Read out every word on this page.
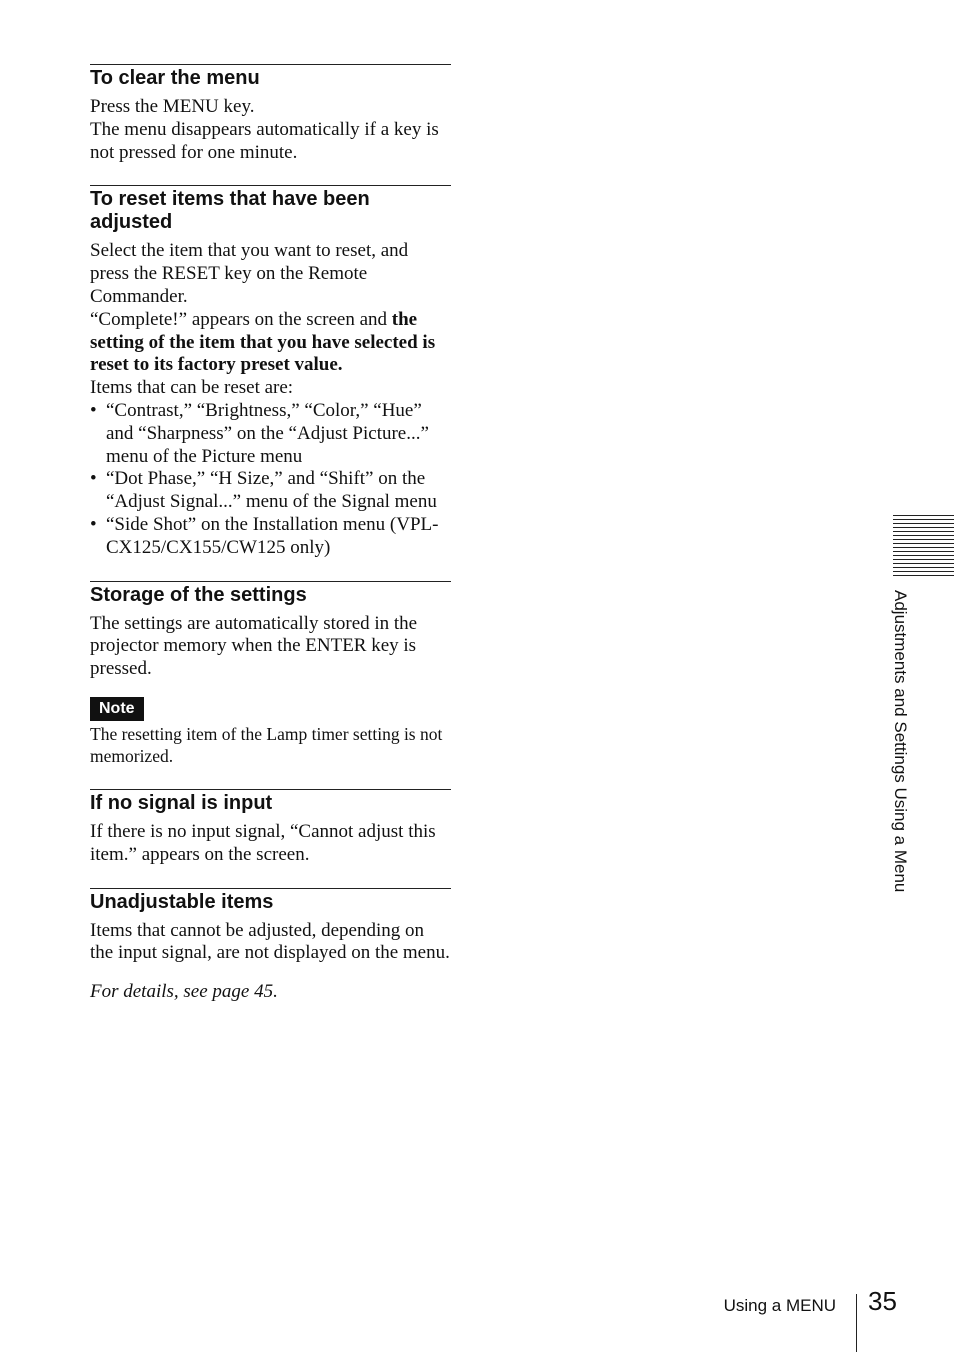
To clear the menu

Press the MENU key.

The menu disappears automatically if a key is not pressed for one minute.

To reset items that have been adjusted

Select the item that you want to reset, and press the RESET key on the Remote Commander.

“Complete!” appears on the screen and the setting of the item that you have selected is reset to its factory preset value.

Items that can be reset are:

• “Contrast,” “Brightness,” “Color,” “Hue” and “Sharpness” on the “Adjust Picture...” menu of the Picture menu
• “Dot Phase,” “H Size,” and “Shift” on the “Adjust Signal...” menu of the Signal menu
• “Side Shot” on the Installation menu (VPL-CX125/CX155/CW125 only)
Storage of the settings

The settings are automatically stored in the projector memory when the ENTER key is pressed.

Note

The resetting item of the Lamp timer setting is not memorized.

If no signal is input

If there is no input signal, “Cannot adjust this item.” appears on the screen.

Unadjustable items

Items that cannot be adjusted, depending on the input signal, are not displayed on the menu.

For details, see page 45.

Adjustments and Settings Using a Menu
Using a MENU 35
